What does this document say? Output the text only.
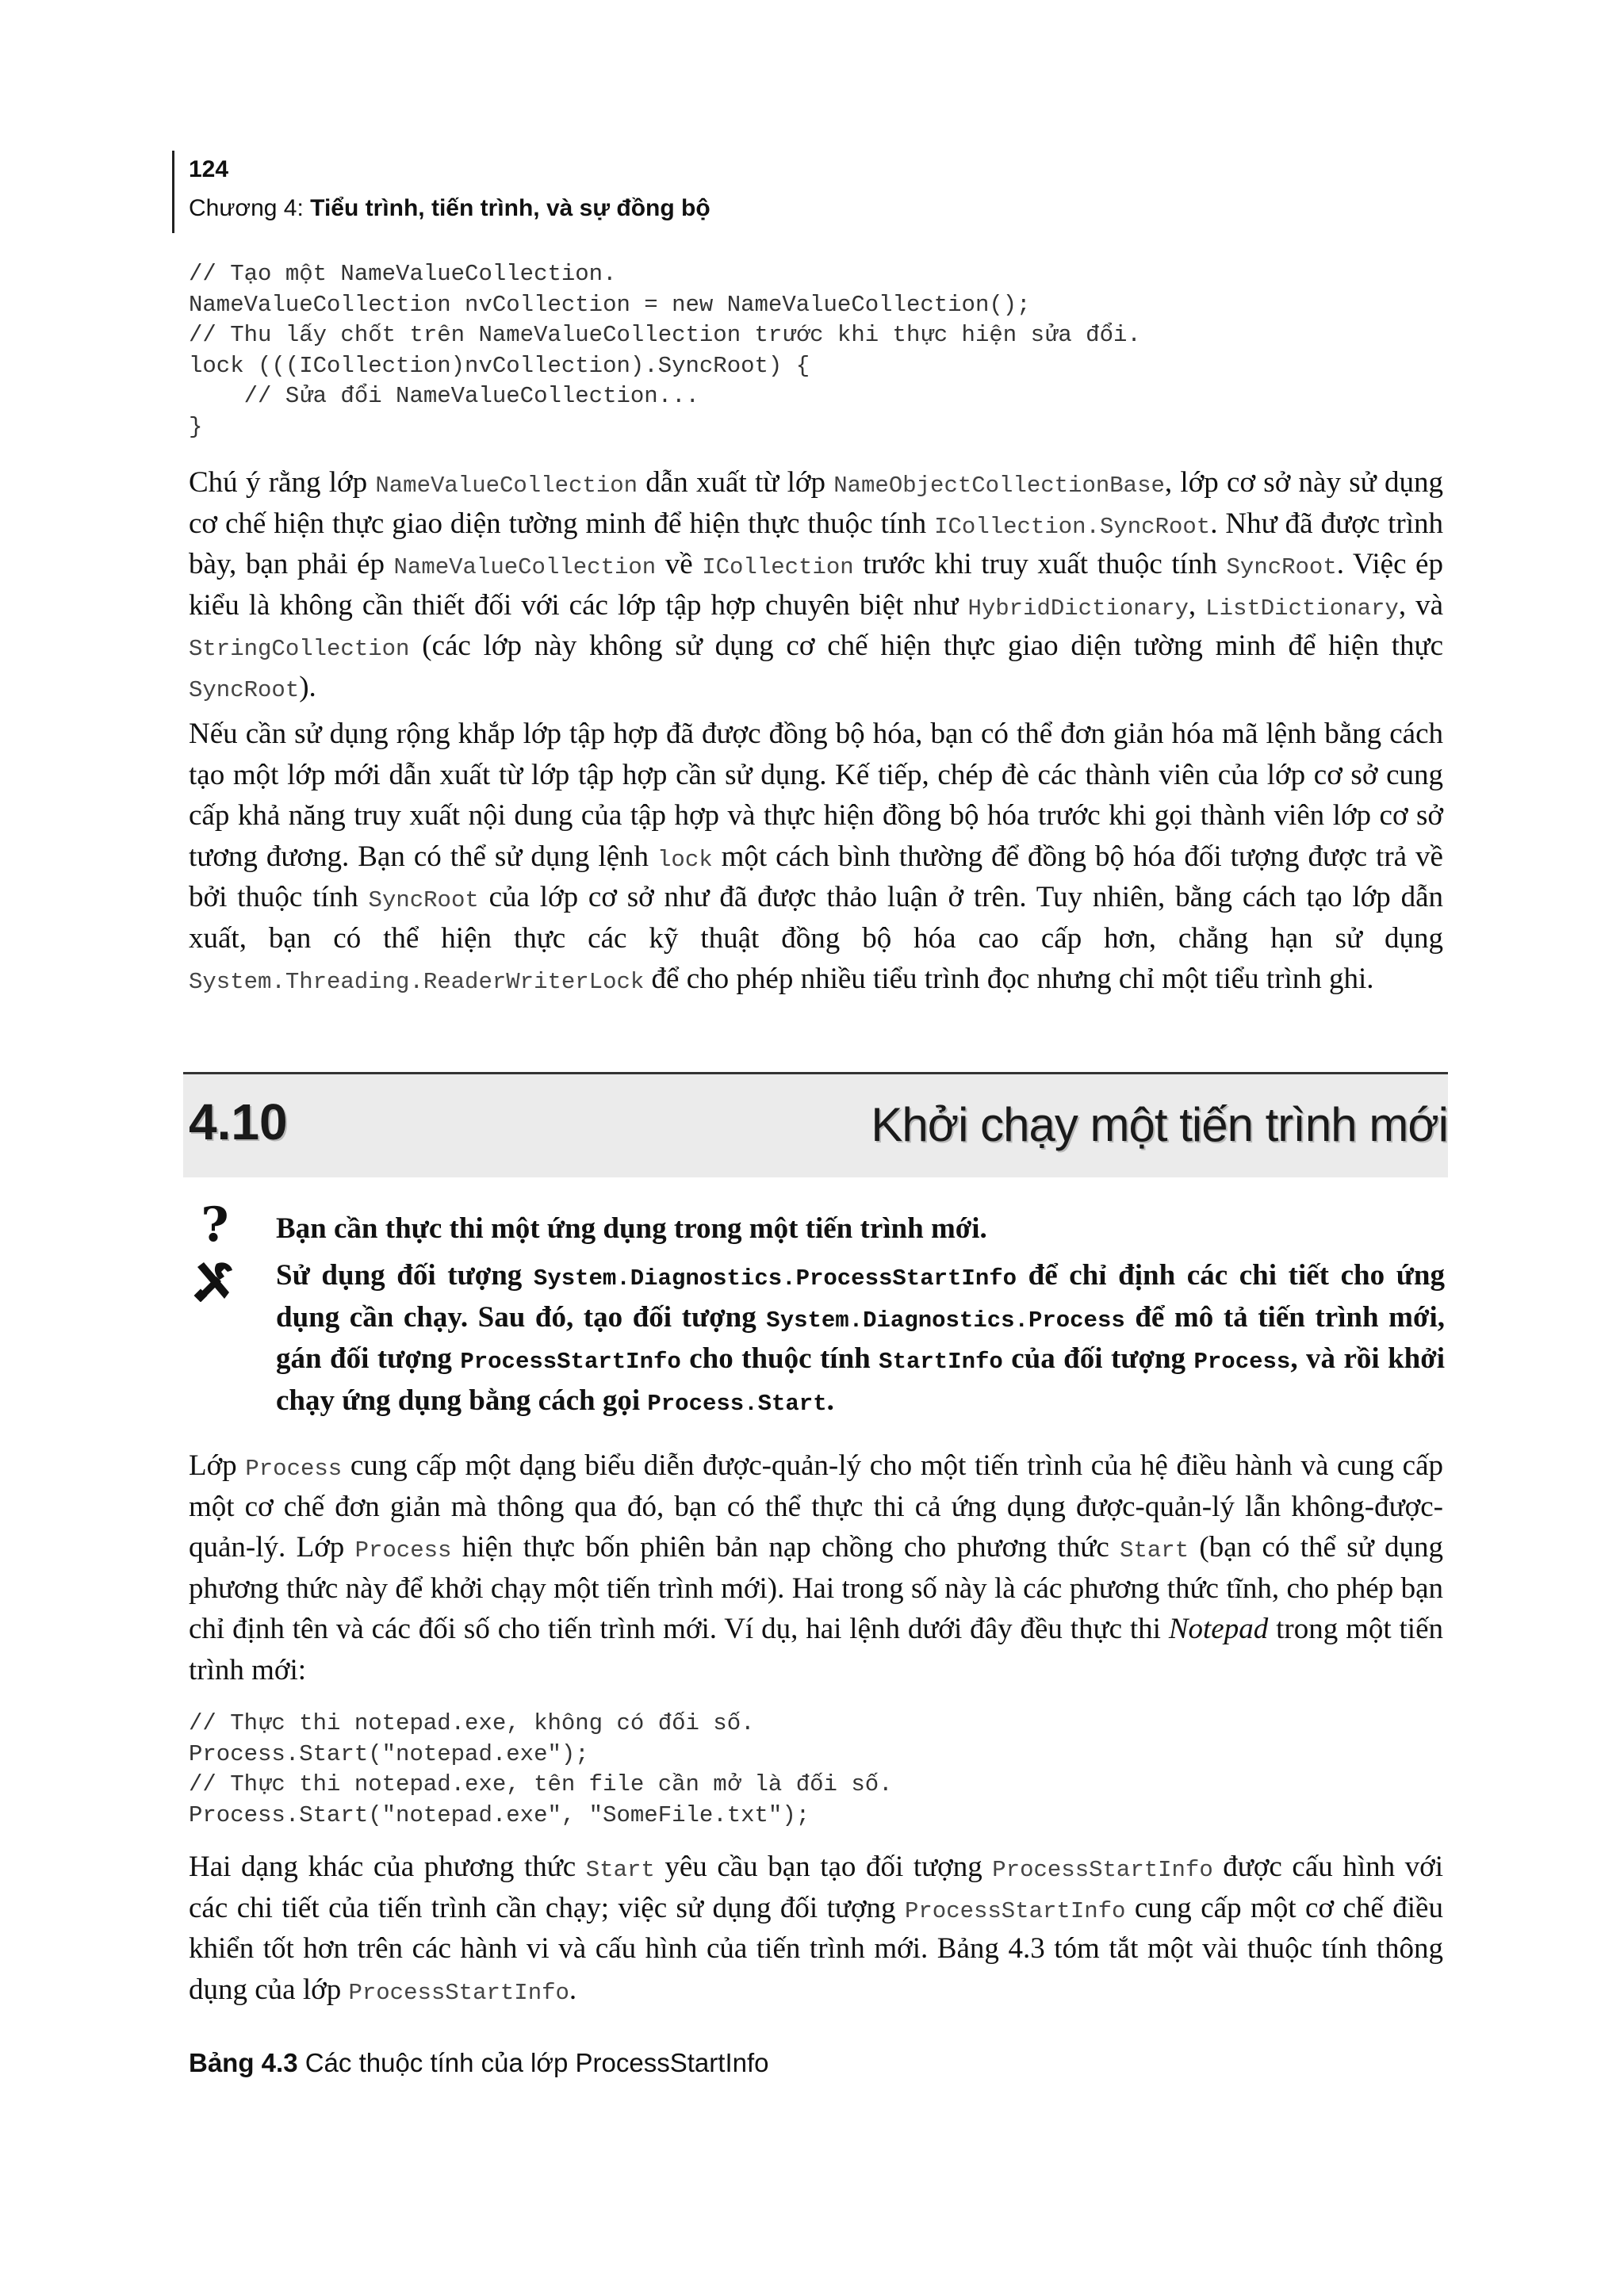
124
Chương 4: Tiểu trình, tiến trình, và sự đồng bộ
// Tạo một NameValueCollection.
NameValueCollection nvCollection = new NameValueCollection();
// Thu lấy chốt trên NameValueCollection trước khi thực hiện sửa đổi.
lock (((ICollection)nvCollection).SyncRoot) {
// Sửa đổi NameValueCollection...
}

Chú ý rằng lớp NameValueCollection dẫn xuất từ lớp NameObjectCollectionBase, lớp cơ sở này sử dụng cơ chế hiện thực giao diện tường minh để hiện thực thuộc tính ICollection.SyncRoot. Như đã được trình bày, bạn phải ép NameValueCollection về ICollection trước khi truy xuất thuộc tính SyncRoot. Việc ép kiểu là không cần thiết đối với các lớp tập hợp chuyên biệt như HybridDictionary, ListDictionary, và StringCollection (các lớp này không sử dụng cơ chế hiện thực giao diện tường minh để hiện thực SyncRoot).

Nếu cần sử dụng rộng khắp lớp tập hợp đã được đồng bộ hóa, bạn có thể đơn giản hóa mã lệnh bằng cách tạo một lớp mới dẫn xuất từ lớp tập hợp cần sử dụng. Kế tiếp, chép đè các thành viên của lớp cơ sở cung cấp khả năng truy xuất nội dung của tập hợp và thực hiện đồng bộ hóa trước khi gọi thành viên lớp cơ sở tương đương. Bạn có thể sử dụng lệnh lock một cách bình thường để đồng bộ hóa đối tượng được trả về bởi thuộc tính SyncRoot của lớp cơ sở như đã được thảo luận ở trên. Tuy nhiên, bằng cách tạo lớp dẫn xuất, bạn có thể hiện thực các kỹ thuật đồng bộ hóa cao cấp hơn, chẳng hạn sử dụng System.Threading.ReaderWriterLock để cho phép nhiều tiểu trình đọc nhưng chỉ một tiểu trình ghi.

4.10	Khởi chạy một tiến trình mới
? Bạn cần thực thi một ứng dụng trong một tiến trình mới.

Sử dụng đối tượng System.Diagnostics.ProcessStartInfo để chỉ định các chi tiết cho ứng dụng cần chạy. Sau đó, tạo đối tượng System.Diagnostics.Process để mô tả tiến trình mới, gán đối tượng ProcessStartInfo cho thuộc tính StartInfo của đối tượng Process, và rồi khởi chạy ứng dụng bằng cách gọi Process.Start.

Lớp Process cung cấp một dạng biểu diễn được-quản-lý cho một tiến trình của hệ điều hành và cung cấp một cơ chế đơn giản mà thông qua đó, bạn có thể thực thi cả ứng dụng được-quản-lý lẫn không-được-quản-lý. Lớp Process hiện thực bốn phiên bản nạp chồng cho phương thức Start (bạn có thể sử dụng phương thức này để khởi chạy một tiến trình mới). Hai trong số này là các phương thức tĩnh, cho phép bạn chỉ định tên và các đối số cho tiến trình mới. Ví dụ, hai lệnh dưới đây đều thực thi Notepad trong một tiến trình mới:

// Thực thi notepad.exe, không có đối số.
Process.Start("notepad.exe");
// Thực thi notepad.exe, tên file cần mở là đối số.
Process.Start("notepad.exe", "SomeFile.txt");

Hai dạng khác của phương thức Start yêu cầu bạn tạo đối tượng ProcessStartInfo được cấu hình với các chi tiết của tiến trình cần chạy; việc sử dụng đối tượng ProcessStartInfo cung cấp một cơ chế điều khiển tốt hơn trên các hành vi và cấu hình của tiến trình mới. Bảng 4.3 tóm tắt một vài thuộc tính thông dụng của lớp ProcessStartInfo.

Bảng 4.3 Các thuộc tính của lớp ProcessStartInfo
